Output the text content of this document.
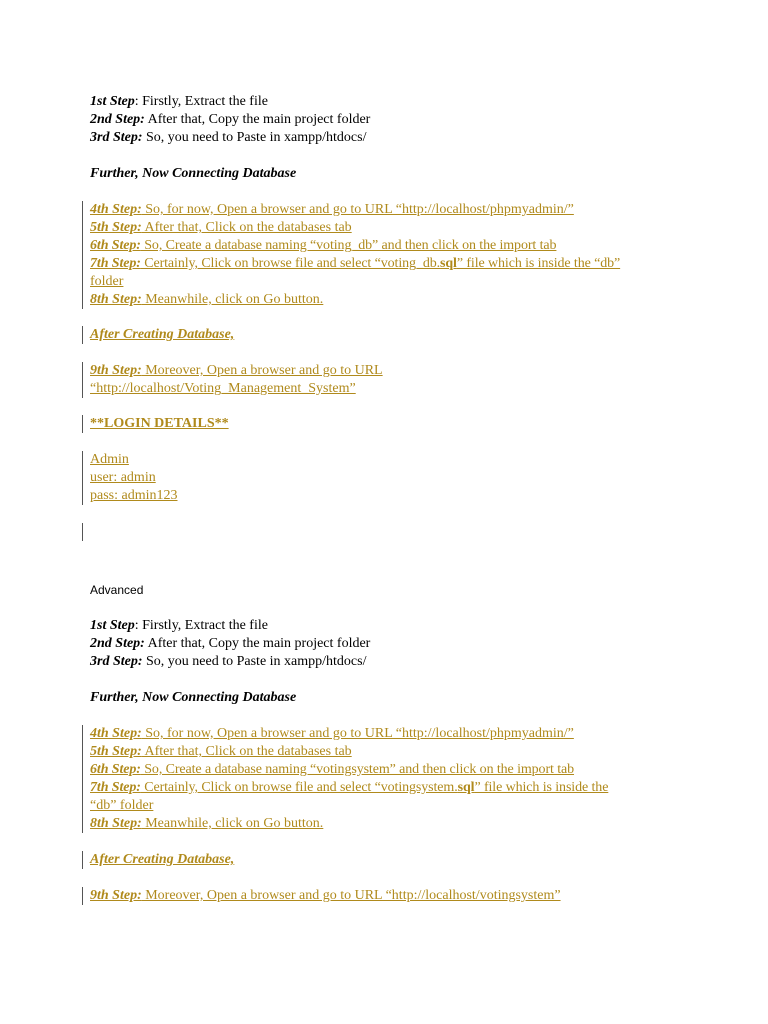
1st Step: Firstly, Extract the file
2nd Step: After that, Copy the main project folder
3rd Step: So, you need to Paste in xampp/htdocs/
Further, Now Connecting Database
4th Step: So, for now, Open a browser and go to URL “http://localhost/phpmyadmin/”
5th Step: After that, Click on the databases tab
6th Step: So, Create a database naming “voting_db” and then click on the import tab
7th Step: Certainly, Click on browse file and select “voting_db.sql” file which is inside the “db”
folder
8th Step: Meanwhile, click on Go button.
After Creating Database,
9th Step: Moreover, Open a browser and go to URL
“http://localhost/Voting_Management_System”
**LOGIN DETAILS**
Admin
user: admin
pass: admin123
Advanced
1st Step: Firstly, Extract the file
2nd Step: After that, Copy the main project folder
3rd Step: So, you need to Paste in xampp/htdocs/
Further, Now Connecting Database
4th Step: So, for now, Open a browser and go to URL “http://localhost/phpmyadmin/”
5th Step: After that, Click on the databases tab
6th Step: So, Create a database naming “votingsystem” and then click on the import tab
7th Step: Certainly, Click on browse file and select “votingsystem.sql” file which is inside the
“db” folder
8th Step: Meanwhile, click on Go button.
After Creating Database,
9th Step: Moreover, Open a browser and go to URL “http://localhost/votingsystem”
